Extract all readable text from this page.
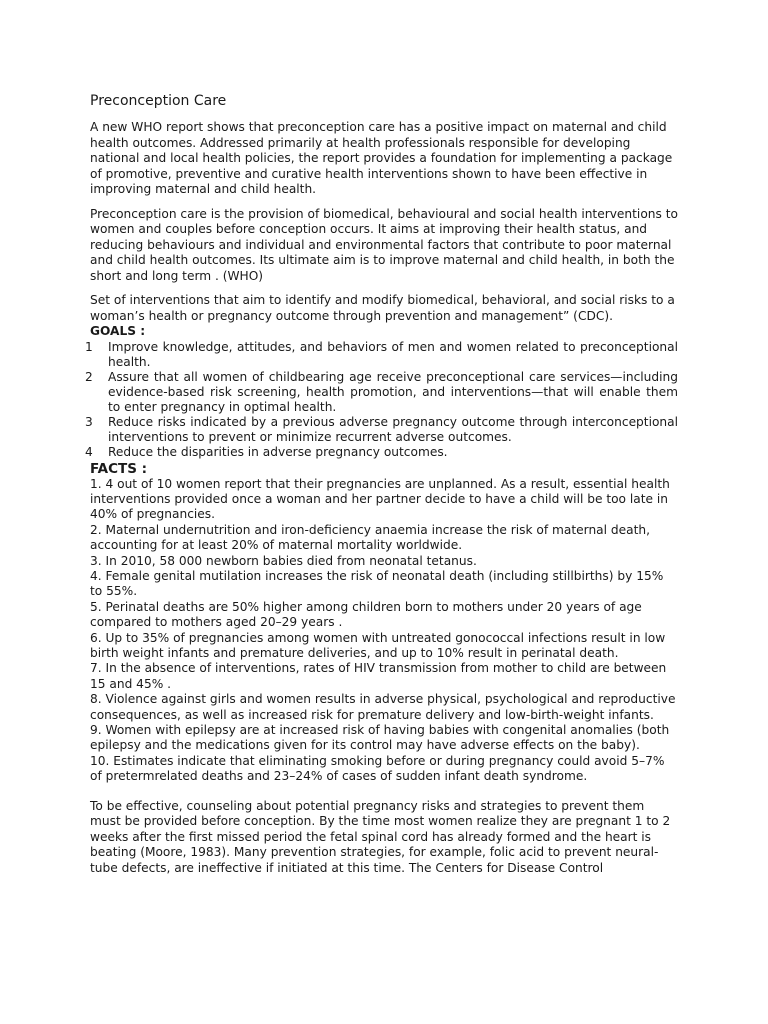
Preconception Care

A new WHO report shows that preconception care has a positive impact on maternal and child health outcomes. Addressed primarily at health professionals responsible for developing national and local health policies, the report provides a foundation for implementing a package of promotive, preventive and curative health interventions shown to have been effective in improving maternal and child health.

Preconception care is the provision of biomedical, behavioural and social health interventions to women and couples before conception occurs. It aims at improving their health status, and reducing behaviours and individual and environmental factors that contribute to poor maternal and child health outcomes. Its ultimate aim is to improve maternal and child health, in both the short and long term . (WHO)

Set of interventions that aim to identify and modify biomedical, behavioral, and social risks to a woman’s health or pregnancy outcome through prevention and management” (CDC).

GOALS :
1 Improve knowledge, attitudes, and behaviors of men and women related to preconceptional health.
2 Assure that all women of childbearing age receive preconceptional care services—including evidence-based risk screening, health promotion, and interventions—that will enable them to enter pregnancy in optimal health.
3 Reduce risks indicated by a previous adverse pregnancy outcome through interconceptional interventions to prevent or minimize recurrent adverse outcomes.
4 Reduce the disparities in adverse pregnancy outcomes.
FACTS :
1. 4 out of 10 women report that their pregnancies are unplanned. As a result, essential health interventions provided once a woman and her partner decide to have a child will be too late in 40% of pregnancies.
2. Maternal undernutrition and iron-deficiency anaemia increase the risk of maternal death, accounting for at least 20% of maternal mortality worldwide.
3. In 2010, 58 000 newborn babies died from neonatal tetanus.
4. Female genital mutilation increases the risk of neonatal death (including stillbirths) by 15% to 55%.
5. Perinatal deaths are 50% higher among children born to mothers under 20 years of age compared to mothers aged 20–29 years .
6. Up to 35% of pregnancies among women with untreated gonococcal infections result in low birth weight infants and premature deliveries, and up to 10% result in perinatal death.
7. In the absence of interventions, rates of HIV transmission from mother to child are between 15 and 45% .
8. Violence against girls and women results in adverse physical, psychological and reproductive consequences, as well as increased risk for premature delivery and low-birth-weight infants.
9. Women with epilepsy are at increased risk of having babies with congenital anomalies (both epilepsy and the medications given for its control may have adverse effects on the baby).
10. Estimates indicate that eliminating smoking before or during pregnancy could avoid 5–7% of pretermrelated deaths and 23–24% of cases of sudden infant death syndrome.

To be effective, counseling about potential pregnancy risks and strategies to prevent them must be provided before conception. By the time most women realize they are pregnant 1 to 2 weeks after the first missed period the fetal spinal cord has already formed and the heart is beating (Moore, 1983). Many prevention strategies, for example, folic acid to prevent neural-tube defects, are ineffective if initiated at this time. The Centers for Disease Control
